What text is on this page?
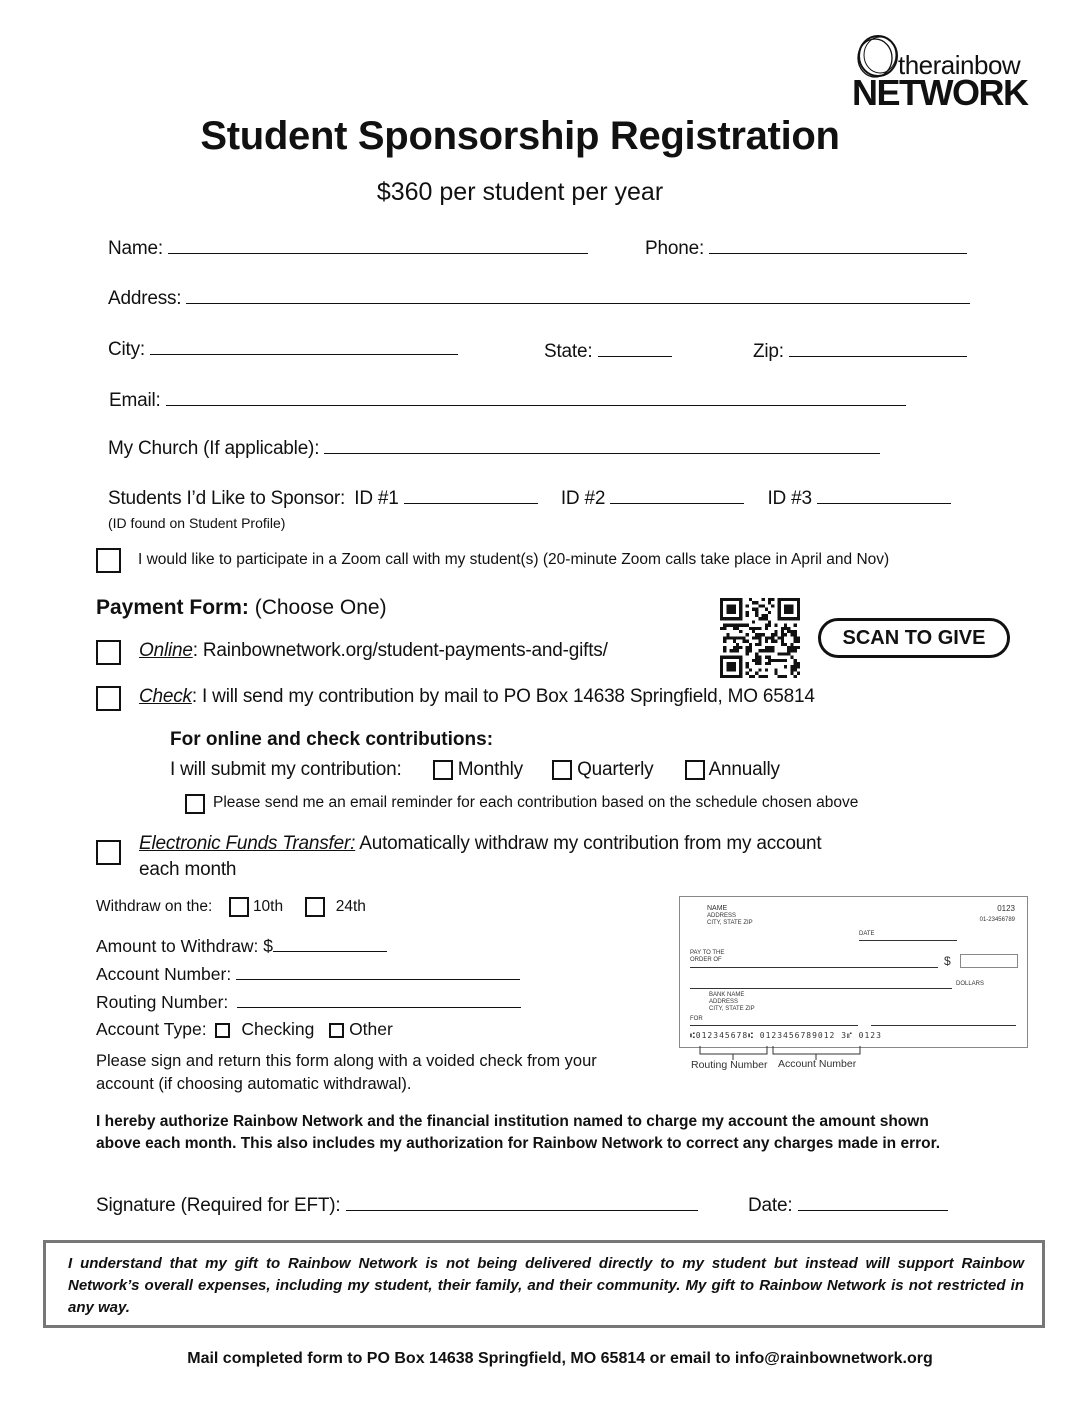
therainbow
NETWORK
Student Sponsorship Registration
$360 per student per year
Name:	Phone:
Address:
City:	State:	Zip:
Email:
My Church (If applicable):
Students I’d Like to Sponsor: ID #1	ID #2	ID #3
(ID found on Student Profile)
I would like to participate in a Zoom call with my student(s) (20-minute Zoom calls take place in April and Nov)
Payment Form: (Choose One)
Online: Rainbownetwork.org/student-payments-and-gifts/
SCAN TO GIVE
Check: I will send my contribution by mail to PO Box 14638 Springfield, MO 65814
For online and check contributions:
I will submit my contribution:	Monthly	Quarterly	Annually
Please send me an email reminder for each contribution based on the schedule chosen above
Electronic Funds Transfer: Automatically withdraw my contribution from my account
each month
Withdraw on the:	10th	24th
Amount to Withdraw: $
Account Number:
Routing Number:
Account Type: Checking Other
Please sign and return this form along with a voided check from your
account (if choosing automatic withdrawal).
NAME
ADDRESS
CITY, STATE ZIP
0123
01-23456789
DATE
PAY TO THE
ORDER OF	$
DOLLARS
BANK NAME
ADDRESS
CITY, STATE ZIP
FOR
⑆012345678⑆ 0123456789012 3⑈ 0123
Routing Number Account Number
I hereby authorize Rainbow Network and the financial institution named to charge my account the amount shown above each month. This also includes my authorization for Rainbow Network to correct any charges made in error.
Signature (Required for EFT):	Date:
I understand that my gift to Rainbow Network is not being delivered directly to my student but instead will support Rainbow Network’s overall expenses, including my student, their family, and their community. My gift to Rainbow Network is not restricted in any way.
Mail completed form to PO Box 14638 Springfield, MO 65814 or email to info@rainbownetwork.org
